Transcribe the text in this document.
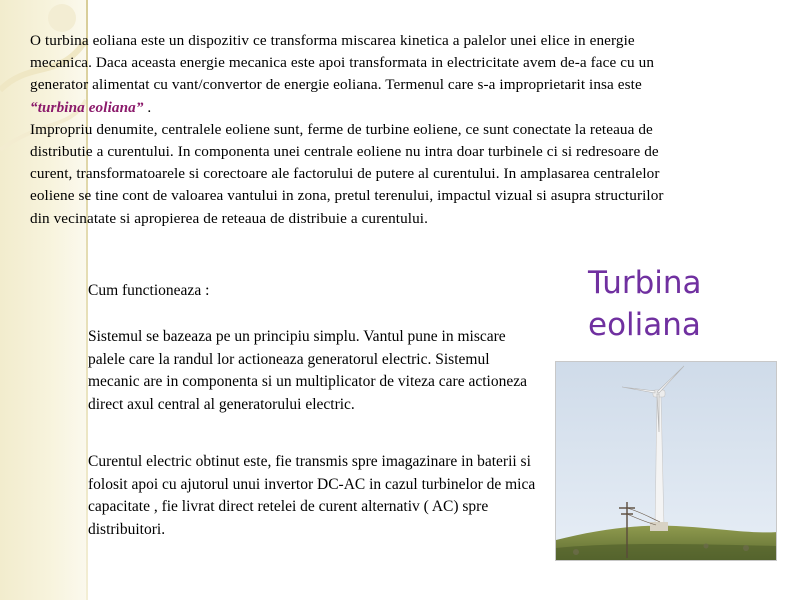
O turbina eoliana este un dispozitiv ce transforma miscarea kinetica a palelor unei elice in energie mecanica. Daca aceasta energie mecanica este apoi transformata in electricitate avem de-a face cu un generator alimentat cu vant/convertor de energie eoliana. Termenul care s-a improprietarit insa este “turbina eoliana” .
Impropriu denumite, centralele eoliene sunt, ferme de turbine eoliene, ce sunt conectate la reteaua de distributie a curentului. In componenta unei centrale eoliene nu intra doar turbinele ci si redresoare de curent, transformatoarele si corectoare ale factorului de putere al curentului. In amplasarea centralelor eoliene se tine cont de valoarea vantului in zona, pretul terenului, impactul vizual si asupra structurilor din vecinatate si apropierea de reteaua de distribuie a curentului.
Cum functioneaza :
Sistemul se bazeaza pe un principiu simplu. Vantul pune in miscare palele care la randul lor actioneaza generatorul electric. Sistemul mecanic are in componenta si un multiplicator de viteza care actioneza direct axul central al generatorului electric.
Curentul electric obtinut este, fie transmis spre imagazinare in baterii si folosit apoi cu ajutorul unui invertor DC-AC in cazul turbinelor de mica capacitate , fie livrat direct retelei de curent alternativ ( AC) spre distribuitori.
Turbina eoliana
